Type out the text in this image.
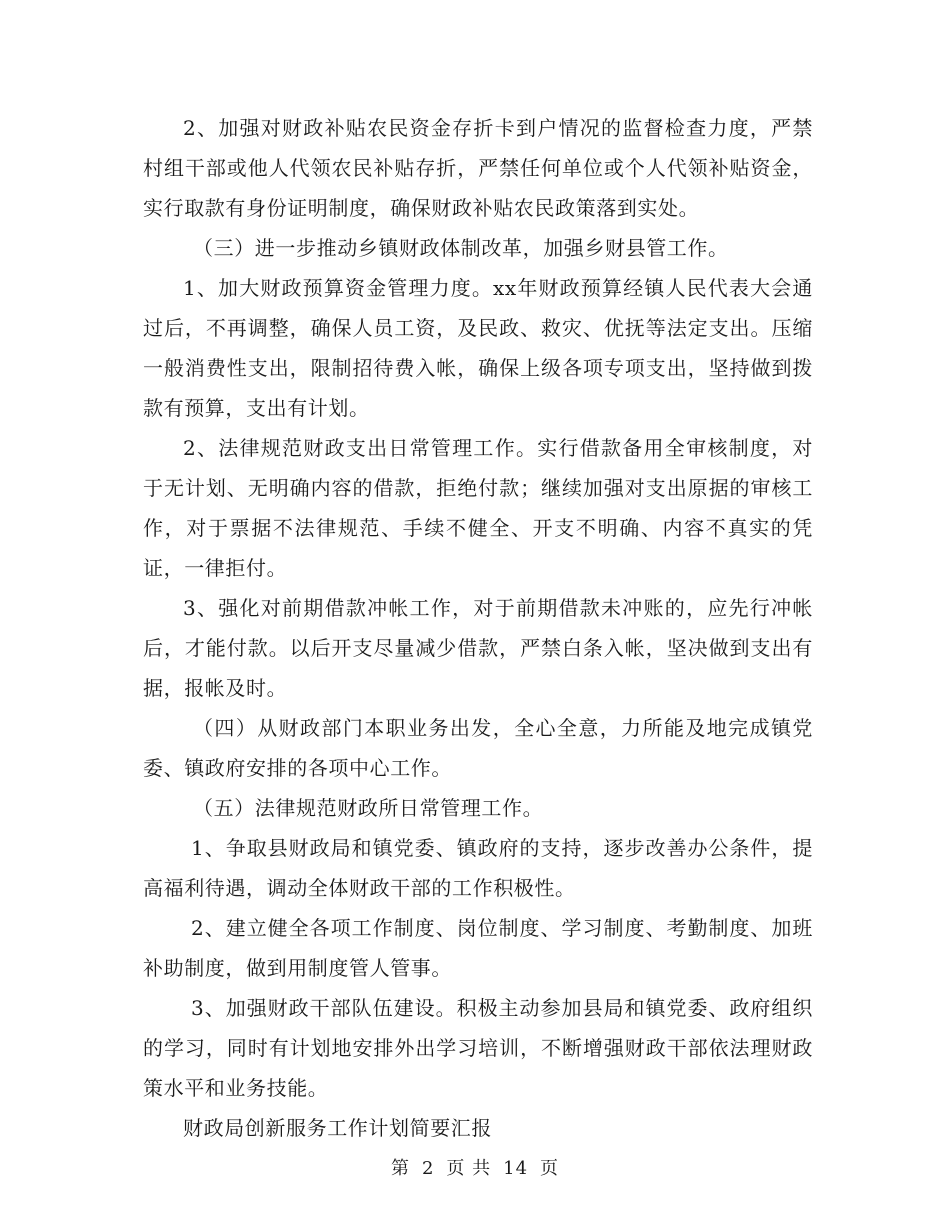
2、加强对财政补贴农民资金存折卡到户情况的监督检查力度，严禁村组干部或他人代领农民补贴存折，严禁任何单位或个人代领补贴资金，实行取款有身份证明制度，确保财政补贴农民政策落到实处。

（三）进一步推动乡镇财政体制改革，加强乡财县管工作。

1、加大财政预算资金管理力度。xx年财政预算经镇人民代表大会通过后，不再调整，确保人员工资，及民政、救灾、优抚等法定支出。压缩一般消费性支出，限制招待费入帐，确保上级各项专项支出，坚持做到拨款有预算，支出有计划。

2、法律规范财政支出日常管理工作。实行借款备用全审核制度，对于无计划、无明确内容的借款，拒绝付款；继续加强对支出原据的审核工作，对于票据不法律规范、手续不健全、开支不明确、内容不真实的凭证，一律拒付。

3、强化对前期借款冲帐工作，对于前期借款未冲账的，应先行冲帐后，才能付款。以后开支尽量减少借款，严禁白条入帐，坚决做到支出有据，报帐及时。

（四）从财政部门本职业务出发，全心全意，力所能及地完成镇党委、镇政府安排的各项中心工作。

（五）法律规范财政所日常管理工作。

1、争取县财政局和镇党委、镇政府的支持，逐步改善办公条件，提高福利待遇，调动全体财政干部的工作积极性。

2、建立健全各项工作制度、岗位制度、学习制度、考勤制度、加班补助制度，做到用制度管人管事。

3、加强财政干部队伍建设。积极主动参加县局和镇党委、政府组织的学习，同时有计划地安排外出学习培训，不断增强财政干部依法理财政策水平和业务技能。

财政局创新服务工作计划简要汇报

第 2 页 共 14 页
